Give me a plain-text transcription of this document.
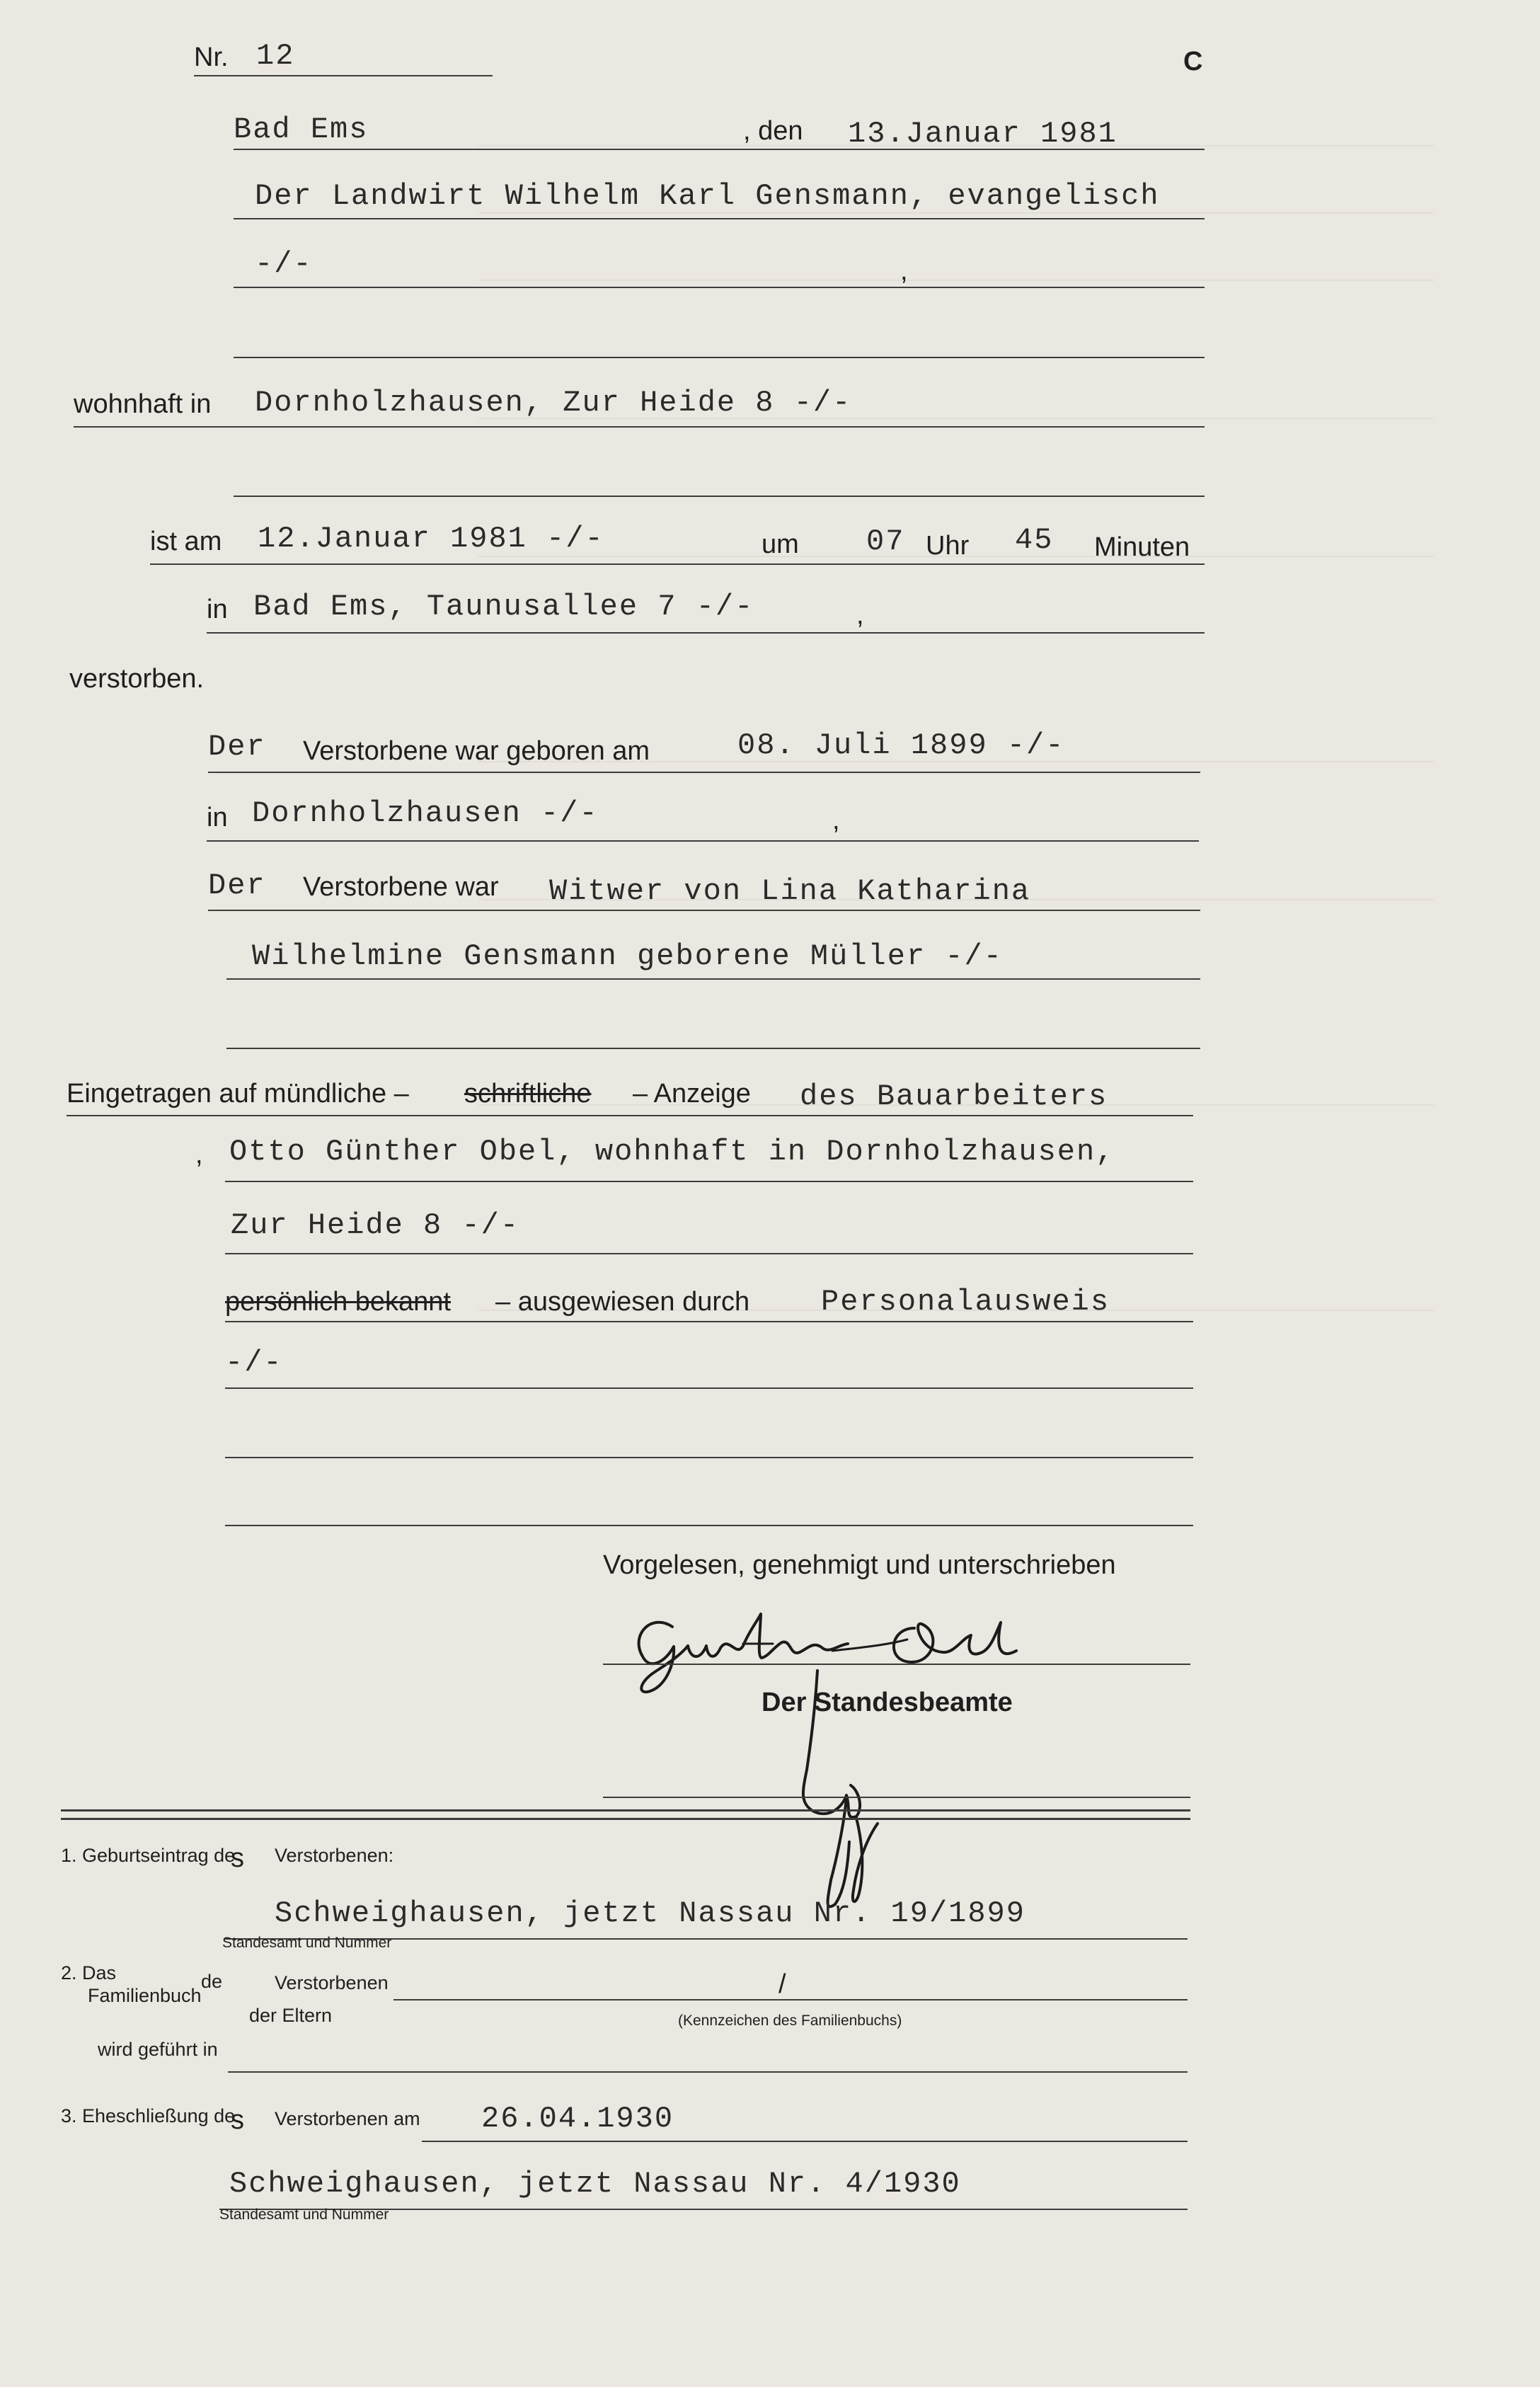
Nr. 12	C
Bad Ems	, den 13.Januar 1981
Der Landwirt Wilhelm Karl Gensmann, evangelisch
-/-	,
wohnhaft in Dornholzhausen, Zur Heide 8 -/-
ist am 12.Januar 1981 -/-	um 07 Uhr 45 Minuten
in Bad Ems, Taunusallee 7 -/-	,
verstorben.
Der Verstorbene war geboren am	08. Juli 1899 -/-
in Dornholzhausen -/-	,
Der Verstorbene war Witwer von Lina Katharina
Wilhelmine Gensmann geborene Müller -/-
Eingetragen auf mündliche – schriftliche – Anzeige des Bauarbeiters
, Otto Günther Obel, wohnhaft in Dornholzhausen,
Zur Heide 8 -/-
persönlich bekannt – ausgewiesen durch Personalausweis
-/-
Vorgelesen, genehmigt und unterschrieben
Der Standesbeamte
1. Geburtseintrag de
s Verstorbenen:
Schweighausen, jetzt Nassau Nr. 19/1899
Standesamt und Nummer
2. Das
Familienbuch
de	Verstorbenen	/
der Eltern	(Kennzeichen des Familienbuchs)
wird geführt in
3. Eheschließung de
s Verstorbenen am 26.04.1930
Schweighausen, jetzt Nassau Nr. 4/1930
Standesamt und Nummer
